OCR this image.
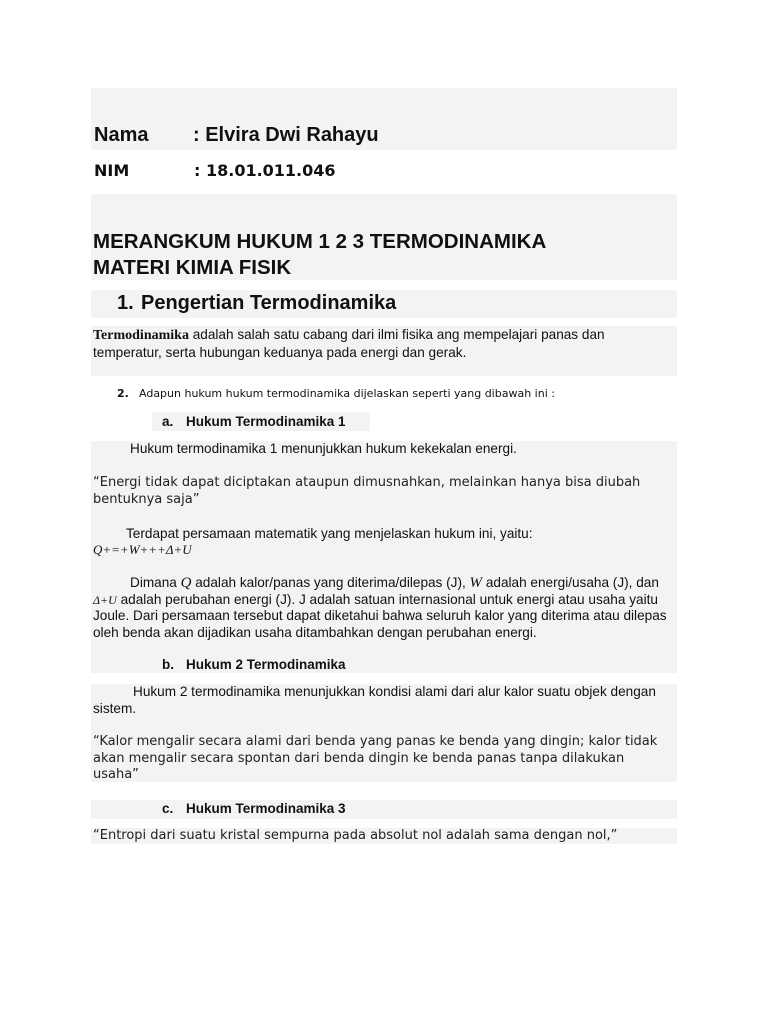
Nama : Elvira Dwi Rahayu

NIM	: 18.01.011.046

MERANGKUM HUKUM 1 2 3 TERMODINAMIKA
MATERI KIMIA FISIK

1. Pengertian Termodinamika

Termodinamika adalah salah satu cabang dari ilmi fisika ang mempelajari panas dan temperatur, serta hubungan keduanya pada energi dan gerak.

2. Adapun hukum hukum termodinamika dijelaskan seperti yang dibawah ini :

a. Hukum Termodinamika 1

Hukum termodinamika 1 menunjukkan hukum kekekalan energi.

“Energi tidak dapat diciptakan ataupun dimusnahkan, melainkan hanya bisa diubah bentuknya saja”

Terdapat persamaan matematik yang menjelaskan hukum ini, yaitu:

Q+=+W+++Δ+U

Dimana Q adalah kalor/panas yang diterima/dilepas (J), W adalah energi/usaha (J), dan Δ+U adalah perubahan energi (J). J adalah satuan internasional untuk energi atau usaha yaitu Joule. Dari persamaan tersebut dapat diketahui bahwa seluruh kalor yang diterima atau dilepas oleh benda akan dijadikan usaha ditambahkan dengan perubahan energi.

b. Hukum 2 Termodinamika

Hukum 2 termodinamika menunjukkan kondisi alami dari alur kalor suatu objek dengan sistem.

“Kalor mengalir secara alami dari benda yang panas ke benda yang dingin; kalor tidak akan mengalir secara spontan dari benda dingin ke benda panas tanpa dilakukan usaha”

c. Hukum Termodinamika 3

“Entropi dari suatu kristal sempurna pada absolut nol adalah sama dengan nol,”
